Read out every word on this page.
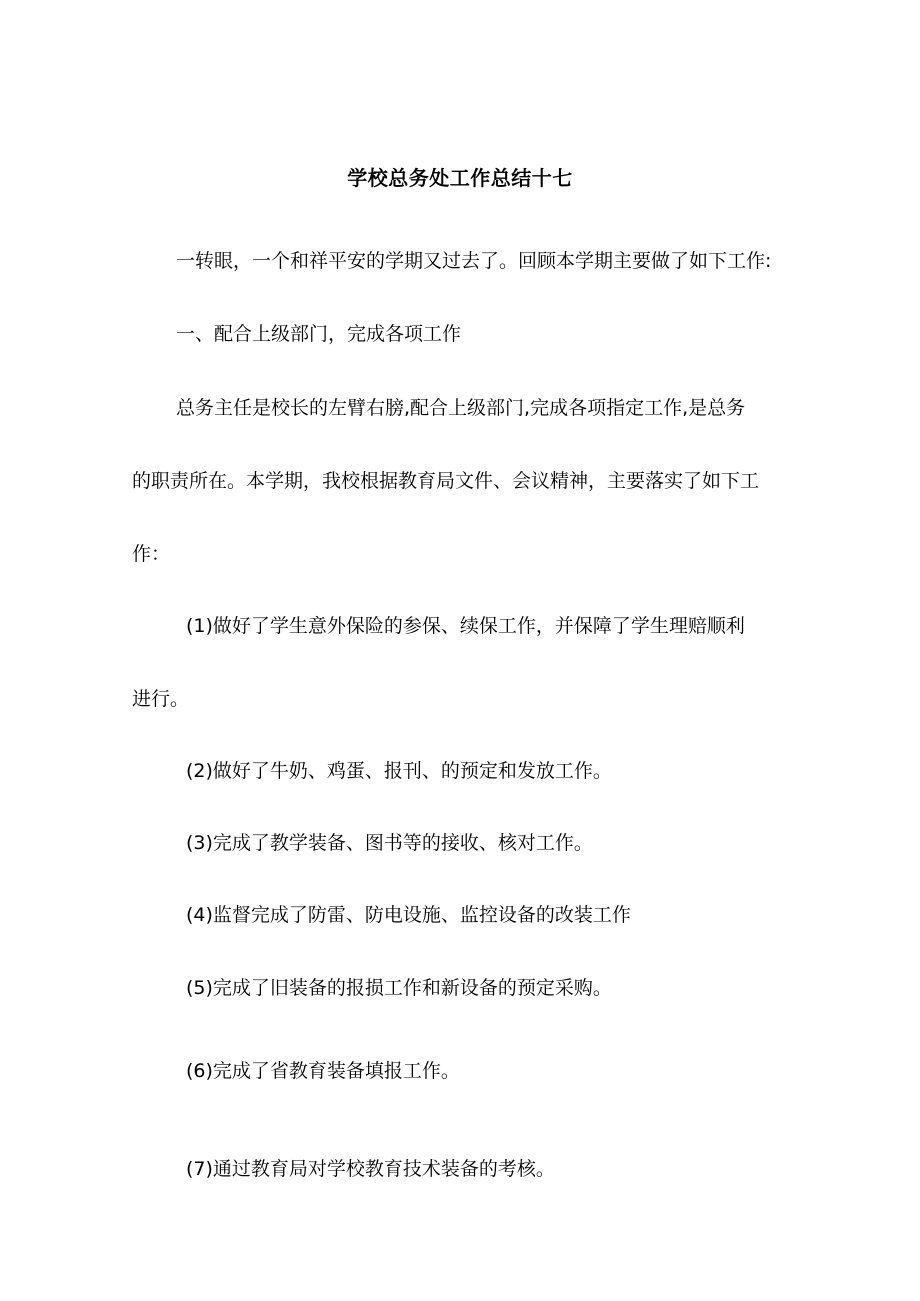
学校总务处工作总结十七
一转眼，一个和祥平安的学期又过去了。回顾本学期主要做了如下工作:
一、配合上级部门，完成各项工作
总务主任是校长的左臂右膀,配合上级部门,完成各项指定工作,是总务
的职责所在。本学期，我校根据教育局文件、会议精神，主要落实了如下工
作：
(1)做好了学生意外保险的参保、续保工作，并保障了学生理赔顺利
进行。
(2)做好了牛奶、鸡蛋、报刊、的预定和发放工作。
(3)完成了教学装备、图书等的接收、核对工作。
(4)监督完成了防雷、防电设施、监控设备的改装工作
(5)完成了旧装备的报损工作和新设备的预定采购。
(6)完成了省教育装备填报工作。
(7)通过教育局对学校教育技术装备的考核。
